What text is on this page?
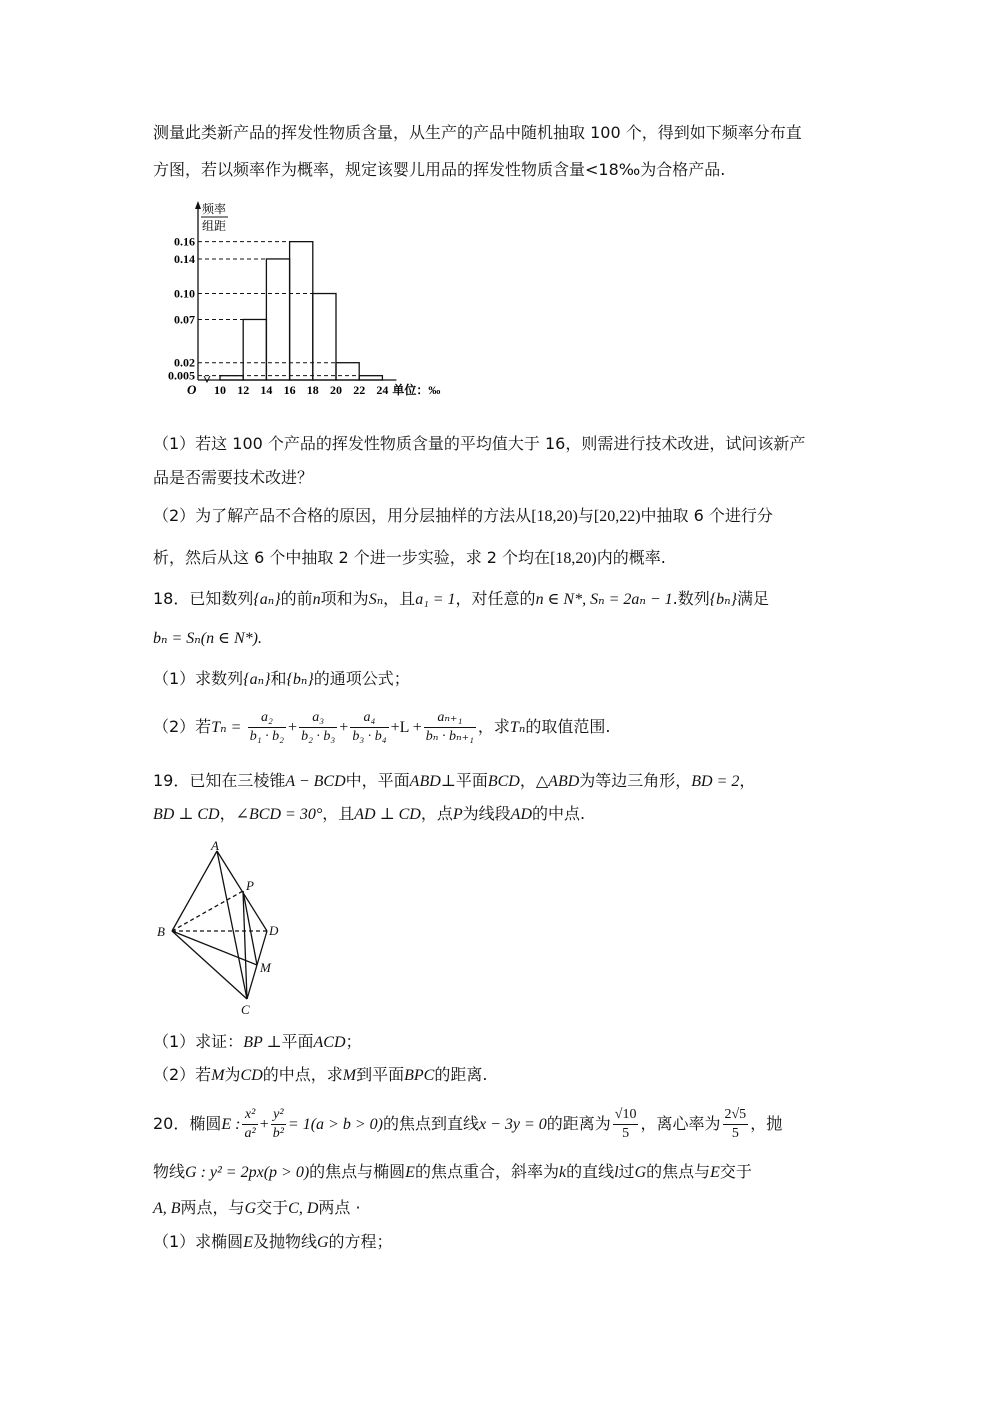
测量此类新产品的挥发性物质含量，从生产的产品中随机抽取 100 个，得到如下频率分布直
方图，若以频率作为概率，规定该婴儿用品的挥发性物质含量<18‰为合格产品.
频率
组距
O
0.005
0.02
0.07
0.10
0.14
0.16
10 12 14 16 18 20 22 24 单位：‰
（1）若这 100 个产品的挥发性物质含量的平均值大于 16，则需进行技术改进，试问该新产
品是否需要技术改进？
（2）为了解产品不合格的原因，用分层抽样的方法从[18,20)与[20,22)中抽取 6 个进行分
析，然后从这 6 个中抽取 2 个进一步实验，求 2 个均在[18,20)内的概率.
18．已知数列{aₙ}的前n项和为Sₙ，且a₁ = 1，对任意的n ∈ N*, Sₙ = 2aₙ − 1.数列{bₙ}满足
bₙ = Sₙ(n ∈ N*).
（1）求数列{aₙ}和{bₙ}的通项公式；
（2）若$T_n = \frac{\text{a₂}}{\text{b₁ · b₂}} + \frac{\text{a₃}}{\text{b₂ · b₃}} + \frac{\text{a₄}}{\text{b₃ · b₄}} +L + \frac{\text{aₙ₊₁}}{\text{bₙ · bₙ₊₁}}$ ，求Tₙ的取值范围.
19．已知在三棱锥A − BCD中，平面ABD⊥平面BCD，△ABD为等边三角形，BD = 2，
BD ⊥ CD，∠BCD = 30°，且AD ⊥ CD，点P为线段AD的中点.
A
B
C
D
P
M
（1）求证：BP ⊥平面ACD；
（2）若M为CD的中点，求M到平面BPC的距离.
20．椭圆E : $\frac{\text{x²}}{\text{a²}} + \frac{\text{y²}}{\text{b²}} = 1(a > b > 0)$的焦点到直线x − 3y = 0的距离为 $\frac{√10}{5}$ ，离心率为 $\frac{2√5}{5}$ ，抛
物线G : y² = 2px(p > 0)的焦点与椭圆E的焦点重合，斜率为k的直线l过G的焦点与E交于
A, B两点，与G交于C, D两点 ·
（1）求椭圆E及抛物线G的方程；
